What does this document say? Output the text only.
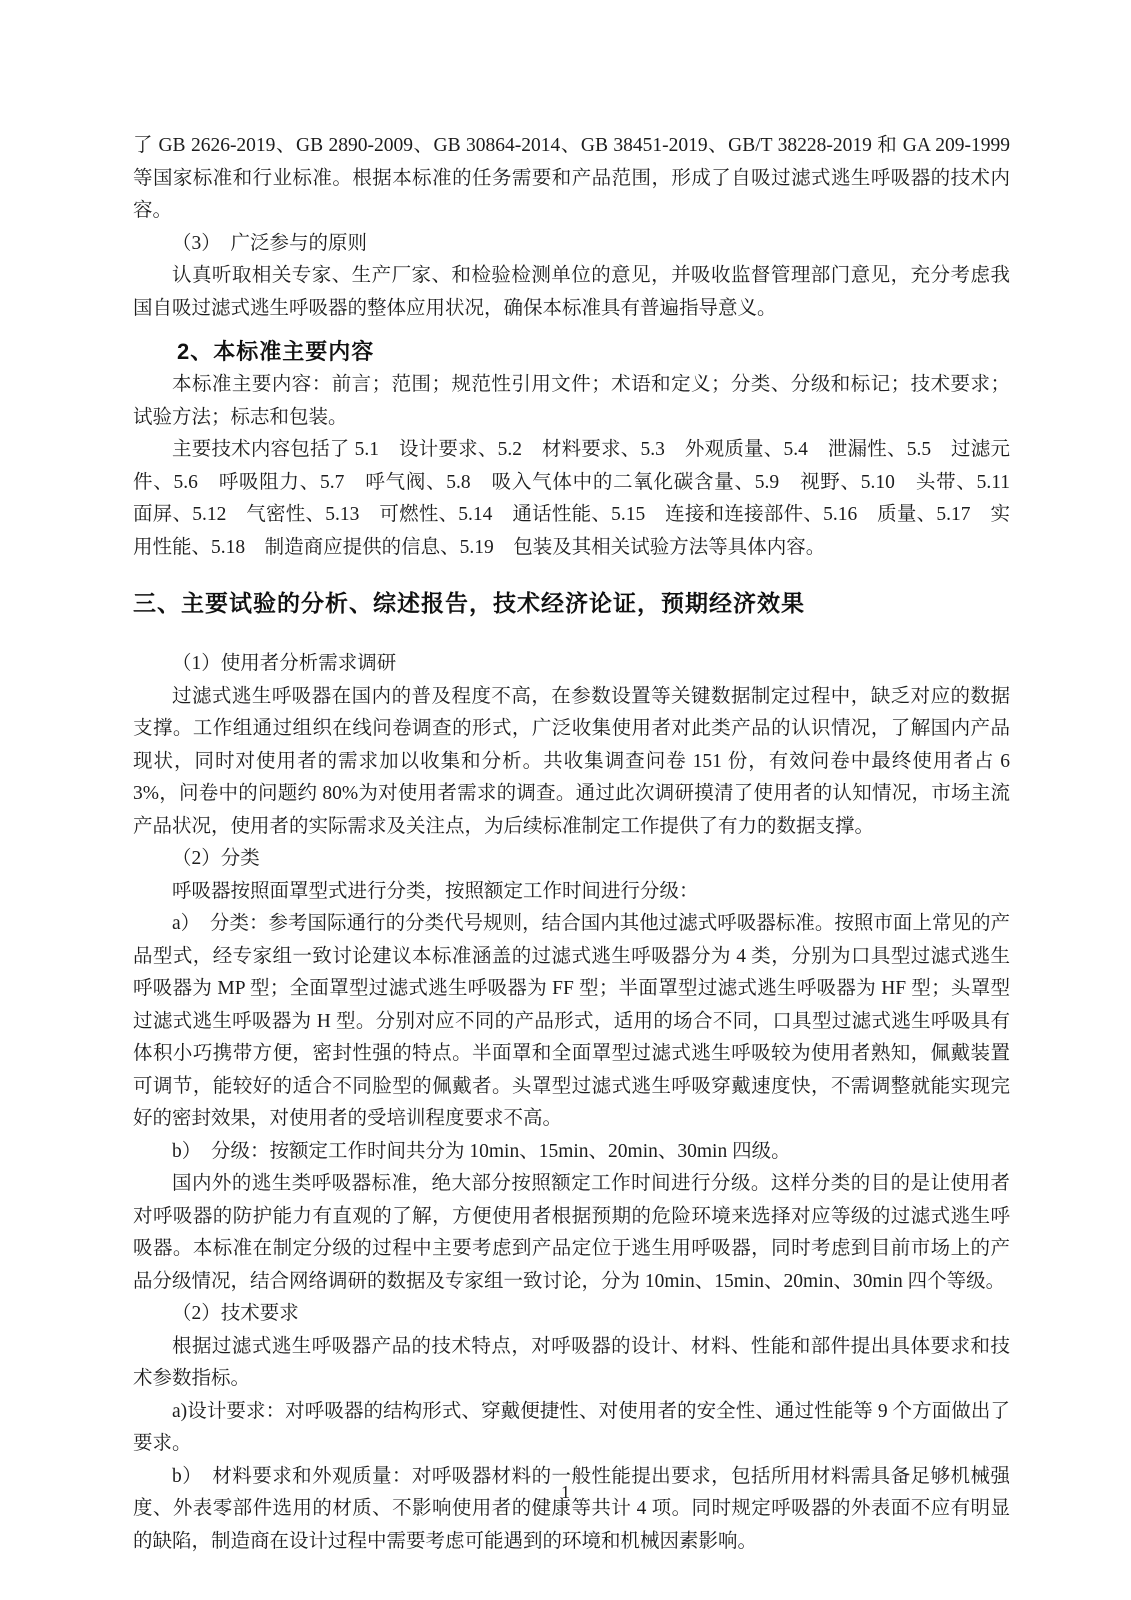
了 GB 2626-2019、GB 2890-2009、GB 30864-2014、GB 38451-2019、GB/T 38228-2019 和 GA 209-1999 等国家标准和行业标准。根据本标准的任务需要和产品范围，形成了自吸过滤式逃生呼吸器的技术内容。

（3）　广泛参与的原则

认真听取相关专家、生产厂家、和检验检测单位的意见，并吸收监督管理部门意见，充分考虑我国自吸过滤式逃生呼吸器的整体应用状况，确保本标准具有普遍指导意义。

2、本标准主要内容

本标准主要内容：前言；范围；规范性引用文件；术语和定义；分类、分级和标记；技术要求；试验方法；标志和包装。

主要技术内容包括了 5.1　设计要求、5.2　材料要求、5.3　外观质量、5.4　泄漏性、5.5　过滤元件、5.6　呼吸阻力、5.7　呼气阀、5.8　吸入气体中的二氧化碳含量、5.9　视野、5.10　头带、5.11　面屏、5.12　气密性、5.13　可燃性、5.14　通话性能、5.15　连接和连接部件、5.16　质量、5.17　实用性能、5.18　制造商应提供的信息、5.19　包装及其相关试验方法等具体内容。

三、主要试验的分析、综述报告，技术经济论证，预期经济效果

（1）使用者分析需求调研

过滤式逃生呼吸器在国内的普及程度不高，在参数设置等关键数据制定过程中，缺乏对应的数据支撑。工作组通过组织在线问卷调查的形式，广泛收集使用者对此类产品的认识情况，了解国内产品现状，同时对使用者的需求加以收集和分析。共收集调查问卷 151 份，有效问卷中最终使用者占 63%，问卷中的问题约 80%为对使用者需求的调查。通过此次调研摸清了使用者的认知情况，市场主流产品状况，使用者的实际需求及关注点，为后续标准制定工作提供了有力的数据支撑。

（2）分类

呼吸器按照面罩型式进行分类，按照额定工作时间进行分级：

a）　分类：参考国际通行的分类代号规则，结合国内其他过滤式呼吸器标准。按照市面上常见的产品型式，经专家组一致讨论建议本标准涵盖的过滤式逃生呼吸器分为 4 类，分别为口具型过滤式逃生呼吸器为 MP 型；全面罩型过滤式逃生呼吸器为 FF 型；半面罩型过滤式逃生呼吸器为 HF 型；头罩型过滤式逃生呼吸器为 H 型。分别对应不同的产品形式，适用的场合不同，口具型过滤式逃生呼吸具有体积小巧携带方便，密封性强的特点。半面罩和全面罩型过滤式逃生呼吸较为使用者熟知，佩戴装置可调节，能较好的适合不同脸型的佩戴者。头罩型过滤式逃生呼吸穿戴速度快，不需调整就能实现完好的密封效果，对使用者的受培训程度要求不高。

b）　分级：按额定工作时间共分为 10min、15min、20min、30min 四级。

国内外的逃生类呼吸器标准，绝大部分按照额定工作时间进行分级。这样分类的目的是让使用者对呼吸器的防护能力有直观的了解，方便使用者根据预期的危险环境来选择对应等级的过滤式逃生呼吸器。本标准在制定分级的过程中主要考虑到产品定位于逃生用呼吸器，同时考虑到目前市场上的产品分级情况，结合网络调研的数据及专家组一致讨论，分为 10min、15min、20min、30min 四个等级。

（2）技术要求

根据过滤式逃生呼吸器产品的技术特点，对呼吸器的设计、材料、性能和部件提出具体要求和技术参数指标。

a)设计要求：对呼吸器的结构形式、穿戴便捷性、对使用者的安全性、通过性能等 9 个方面做出了要求。

b）　材料要求和外观质量：对呼吸器材料的一般性能提出要求，包括所用材料需具备足够机械强度、外表零部件选用的材质、不影响使用者的健康等共计 4 项。同时规定呼吸器的外表面不应有明显的缺陷，制造商在设计过程中需要考虑可能遇到的环境和机械因素影响。

1
